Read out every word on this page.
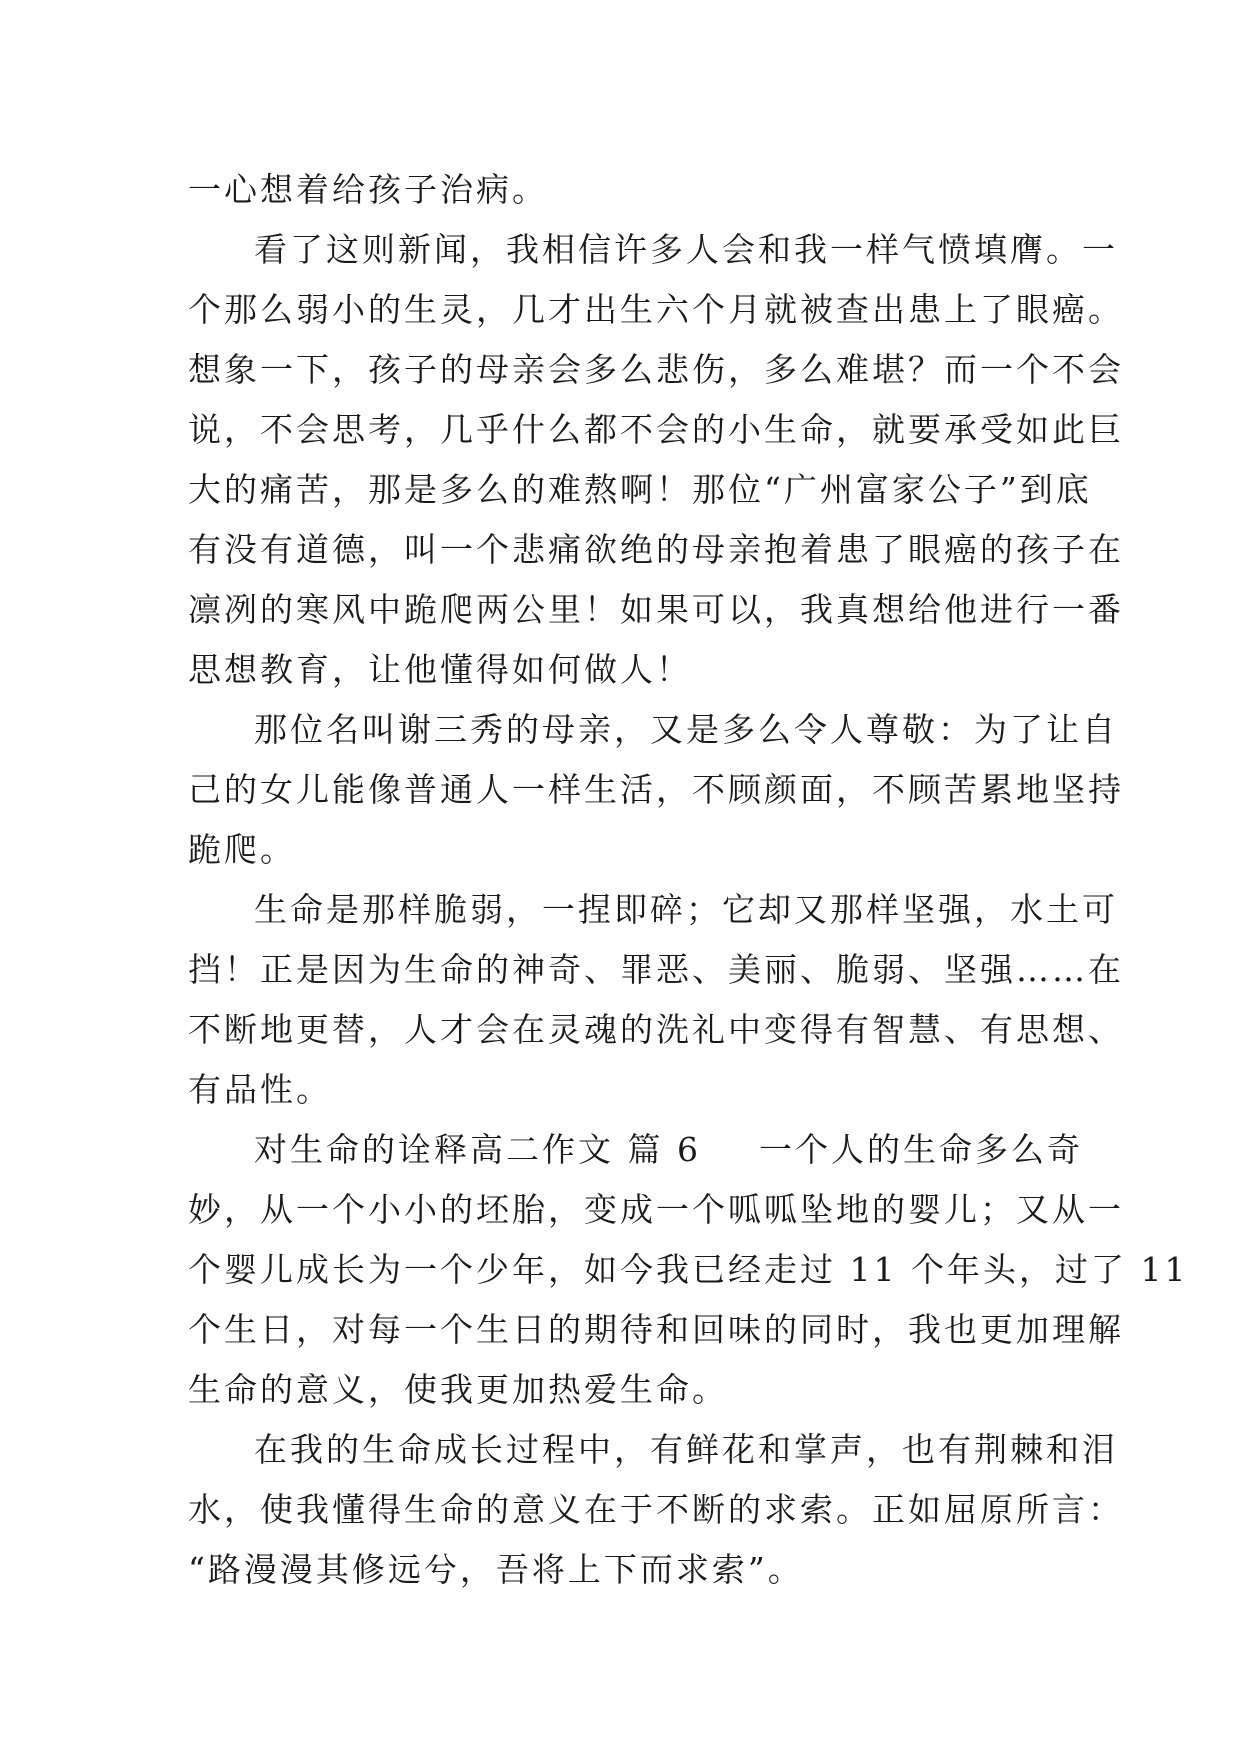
一心想着给孩子治病。
看了这则新闻，我相信许多人会和我一样气愤填膺。一
个那么弱小的生灵，几才出生六个月就被查出患上了眼癌。
想象一下，孩子的母亲会多么悲伤，多么难堪？而一个不会
说，不会思考，几乎什么都不会的小生命，就要承受如此巨
大的痛苦，那是多么的难熬啊！那位“广州富家公子”到底
有没有道德，叫一个悲痛欲绝的母亲抱着患了眼癌的孩子在
凛冽的寒风中跪爬两公里！如果可以，我真想给他进行一番
思想教育，让他懂得如何做人！
那位名叫谢三秀的母亲，又是多么令人尊敬：为了让自
己的女儿能像普通人一样生活，不顾颜面，不顾苦累地坚持
跪爬。
生命是那样脆弱，一捏即碎；它却又那样坚强，水土可
挡！正是因为生命的神奇、罪恶、美丽、脆弱、坚强……在
不断地更替，人才会在灵魂的洗礼中变得有智慧、有思想、
有品性。
对生命的诠释高二作文 篇 6 一个人的生命多么奇
妙，从一个小小的坯胎，变成一个呱呱坠地的婴儿；又从一
个婴儿成长为一个少年，如今我已经走过 11 个年头，过了 11
个生日，对每一个生日的期待和回味的同时，我也更加理解
生命的意义，使我更加热爱生命。
在我的生命成长过程中，有鲜花和掌声，也有荆棘和泪
水，使我懂得生命的意义在于不断的求索。正如屈原所言：
“路漫漫其修远兮，吾将上下而求索”。
